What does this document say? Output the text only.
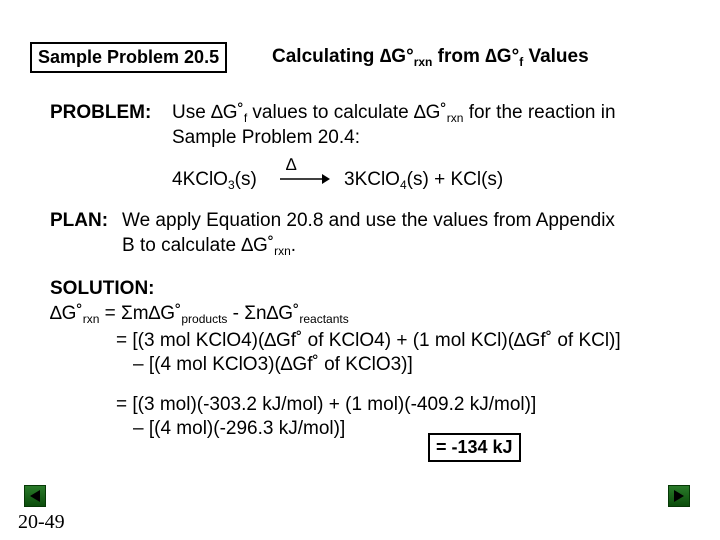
Sample Problem 20.5	Calculating $\Delta G^\circ_{rxn}$ from $\Delta G^\circ_f$ Values
PROBLEM: Use $\Delta G˚_f$ values to calculate $\Delta G˚_{rxn}$ for the reaction in
Sample Problem 20.4:
4KClO$_3$(s)
∆
→ 3KClO$_4$(s) + KCl(s)
PLAN: We apply Equation 20.8 and use the values from Appendix
B to calculate $\Delta G˚_{rxn}$.
SOLUTION:
$\Delta G˚_{rxn}$ = $\Sigma m\Delta G˚_{products}$ - $\Sigma n\Delta G˚_{reactants}$
= [(3 mol KClO4)(∆Gf˚ of KClO4) + (1 mol KCl)(∆Gf˚ of KCl)]
– [(4 mol KClO3)(∆Gf˚ of KClO3)]
= [(3 mol)(-303.2 kJ/mol) + (1 mol)(-409.2 kJ/mol)]
– [(4 mol)(-296.3 kJ/mol)]
= -134 kJ
20-49
